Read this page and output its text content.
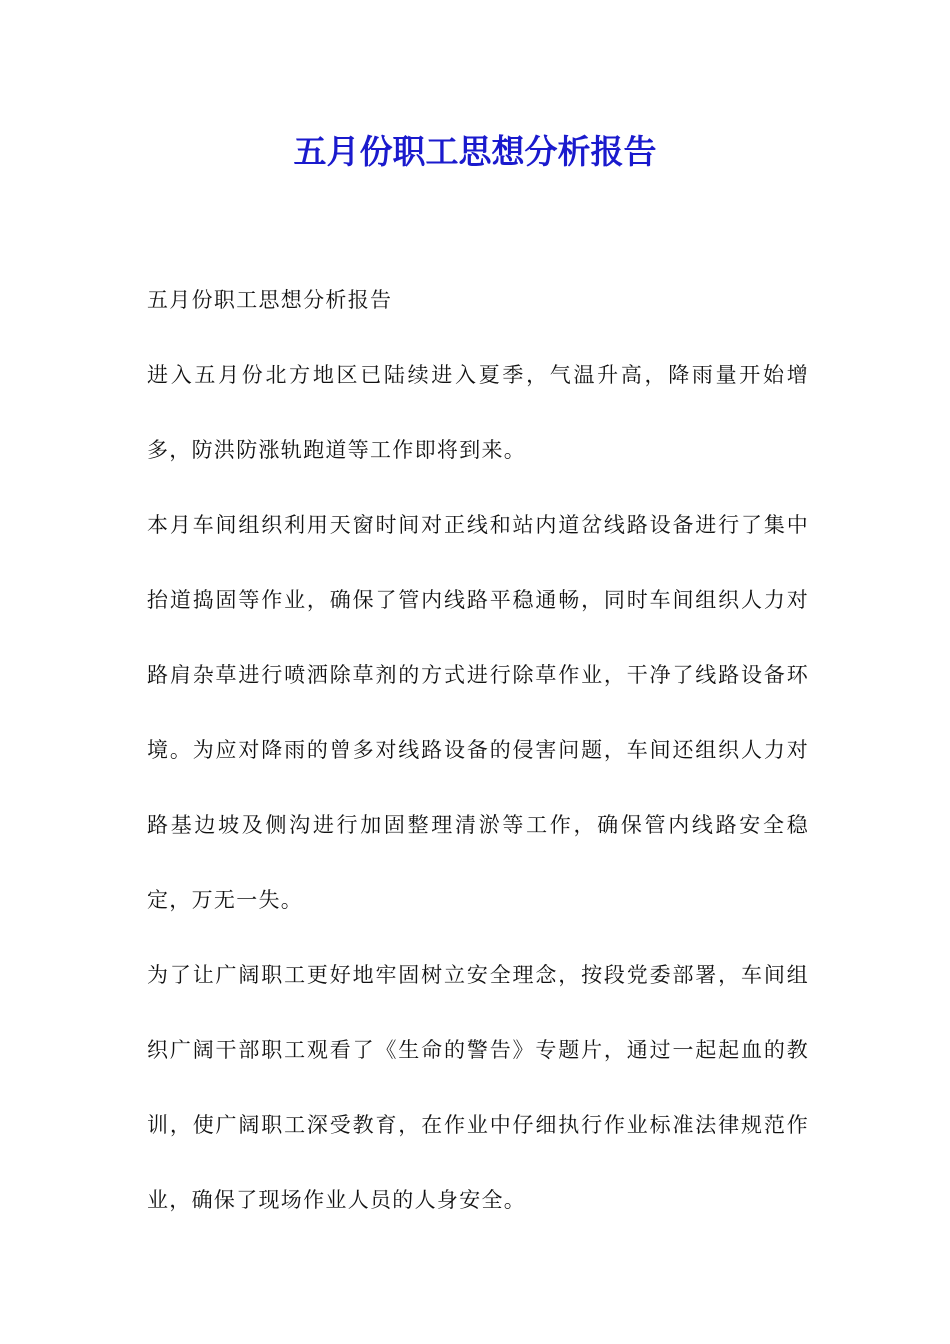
五月份职工思想分析报告

五月份职工思想分析报告

进入五月份北方地区已陆续进入夏季，气温升高，降雨量开始增多，防洪防涨轨跑道等工作即将到来。

本月车间组织利用天窗时间对正线和站内道岔线路设备进行了集中抬道捣固等作业，确保了管内线路平稳通畅，同时车间组织人力对路肩杂草进行喷洒除草剂的方式进行除草作业，干净了线路设备环境。为应对降雨的曾多对线路设备的侵害问题，车间还组织人力对路基边坡及侧沟进行加固整理清淤等工作，确保管内线路安全稳定，万无一失。

为了让广阔职工更好地牢固树立安全理念，按段党委部署，车间组织广阔干部职工观看了《生命的警告》专题片，通过一起起血的教训，使广阔职工深受教育，在作业中仔细执行作业标准法律规范作业，确保了现场作业人员的人身安全。
